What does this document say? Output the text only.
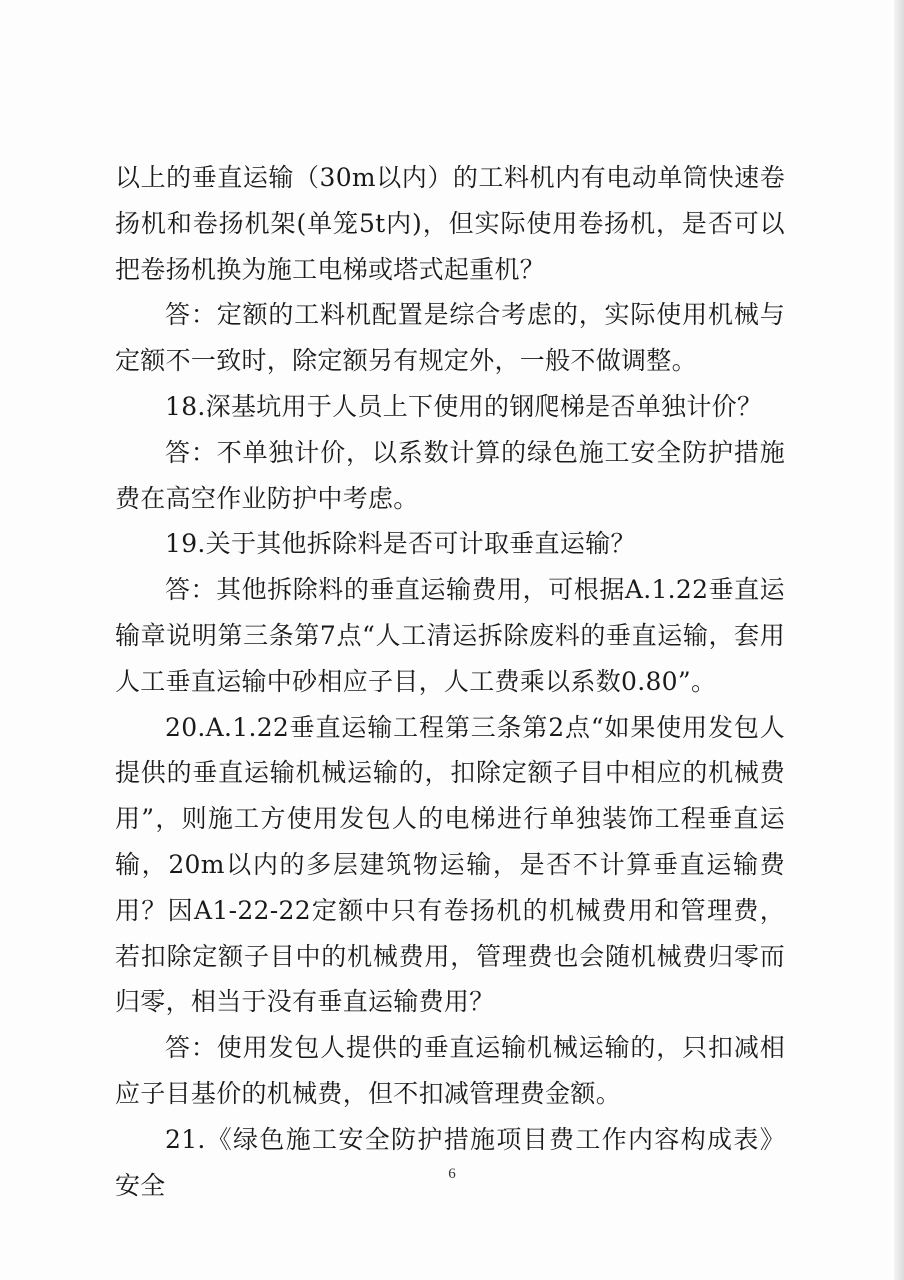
以上的垂直运输（30m以内）的工料机内有电动单筒快速卷扬机和卷扬机架(单笼5t内)，但实际使用卷扬机，是否可以把卷扬机换为施工电梯或塔式起重机？

答：定额的工料机配置是综合考虑的，实际使用机械与定额不一致时，除定额另有规定外，一般不做调整。

18.深基坑用于人员上下使用的钢爬梯是否单独计价？

答：不单独计价，以系数计算的绿色施工安全防护措施费在高空作业防护中考虑。

19.关于其他拆除料是否可计取垂直运输？

答：其他拆除料的垂直运输费用，可根据A.1.22垂直运输章说明第三条第7点“人工清运拆除废料的垂直运输，套用人工垂直运输中砂相应子目，人工费乘以系数0.80”。

20.A.1.22垂直运输工程第三条第2点“如果使用发包人提供的垂直运输机械运输的，扣除定额子目中相应的机械费用”，则施工方使用发包人的电梯进行单独装饰工程垂直运输，20m以内的多层建筑物运输，是否不计算垂直运输费用？因A1-22-22定额中只有卷扬机的机械费用和管理费，若扣除定额子目中的机械费用，管理费也会随机械费归零而归零，相当于没有垂直运输费用？

答：使用发包人提供的垂直运输机械运输的，只扣减相应子目基价的机械费，但不扣减管理费金额。

21.《绿色施工安全防护措施项目费工作内容构成表》安全	6
